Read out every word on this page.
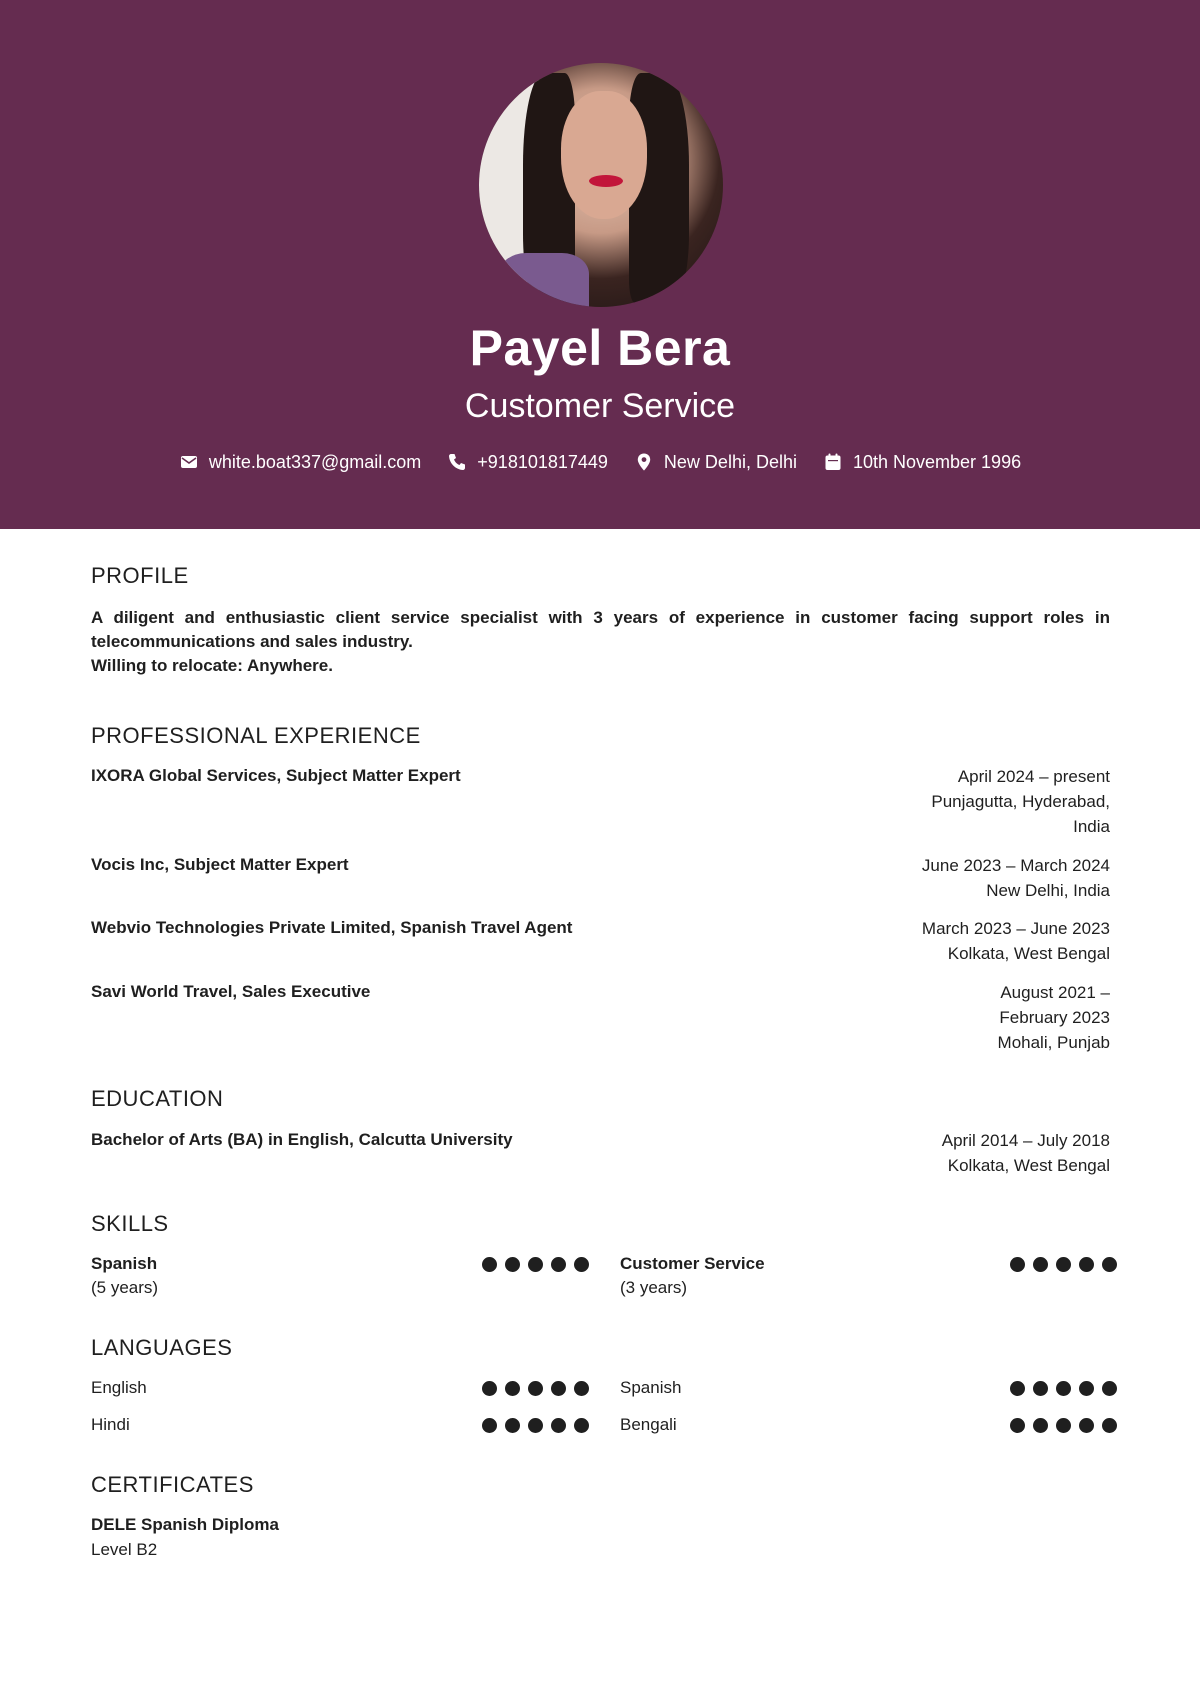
Payel Bera
Customer Service
white.boat337@gmail.com	+918101817449	New Delhi, Delhi	10th November 1996
PROFILE
A diligent and enthusiastic client service specialist with 3 years of experience in customer facing support roles in telecommunications and sales industry.
Willing to relocate: Anywhere.
PROFESSIONAL EXPERIENCE
IXORA Global Services, Subject Matter Expert	April 2024 – present
Punjagutta, Hyderabad, India
Vocis Inc, Subject Matter Expert	June 2023 – March 2024
New Delhi, India
Webvio Technologies Private Limited, Spanish Travel Agent	March 2023 – June 2023
Kolkata, West Bengal
Savi World Travel, Sales Executive	August 2021 – February 2023
Mohali, Punjab
EDUCATION
Bachelor of Arts (BA) in English, Calcutta University	April 2014 – July 2018
Kolkata, West Bengal
SKILLS
Spanish
(5 years)
Customer Service
(3 years)
LANGUAGES
English	Spanish
Hindi	Bengali
CERTIFICATES
DELE Spanish Diploma
Level B2
